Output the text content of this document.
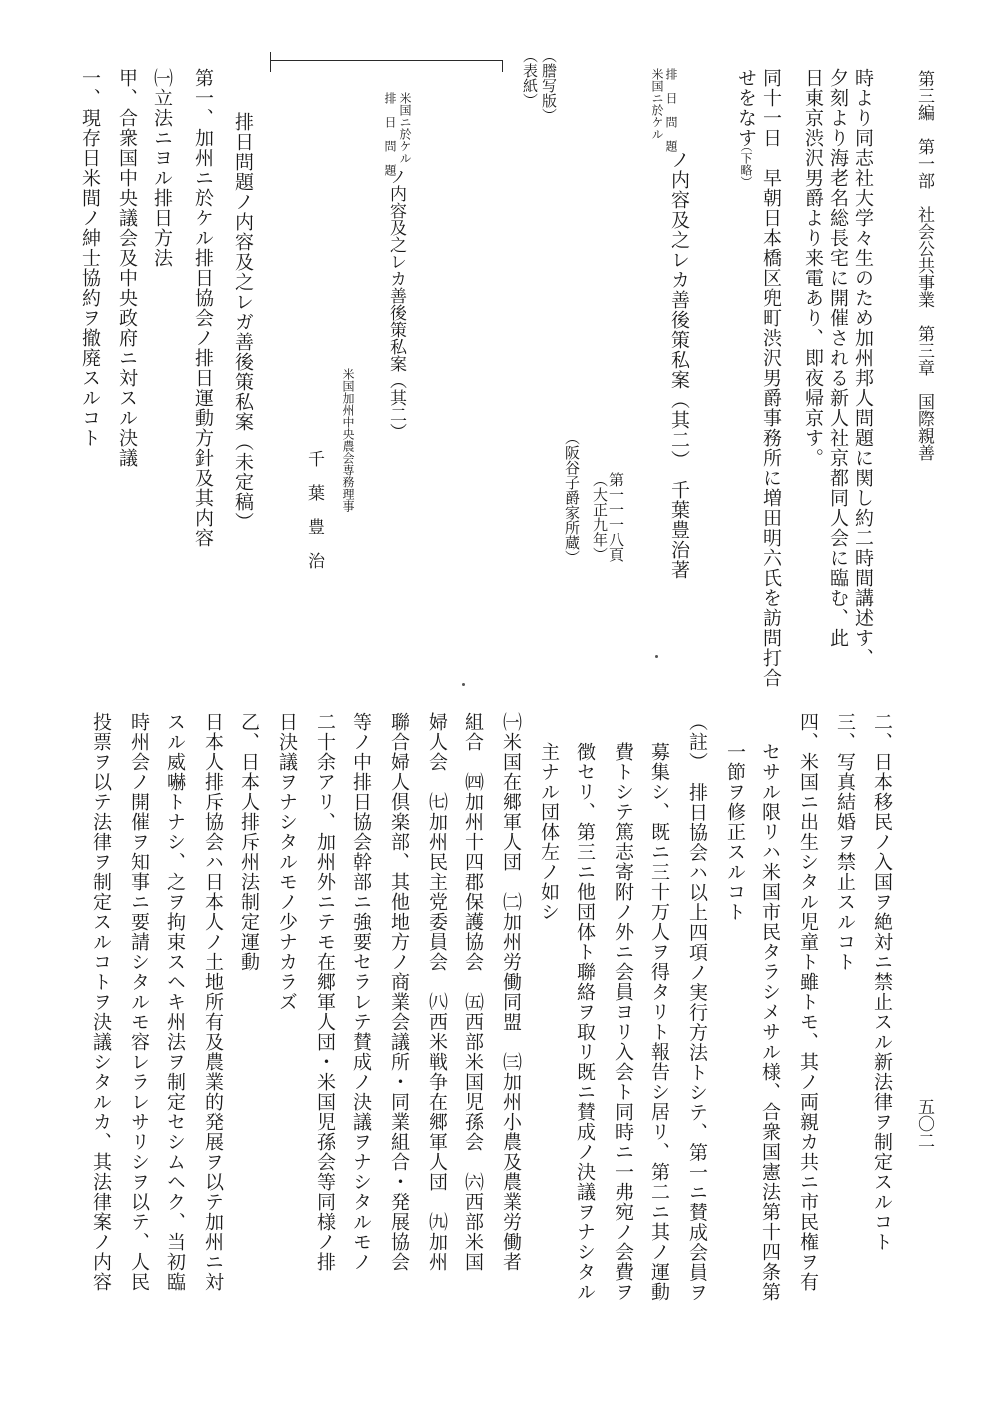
第三編　第一部　社会公共事業　第三章　国際親善
五〇二
時より同志社大学々生のため加州邦人問題に関し約二時間講述す、
夕刻より海老名総長宅に開催される新人社京都同人会に臨む、此
日東京渋沢男爵より来電あり、即夜帰京す。
同十一日　早朝日本橋区兜町渋沢男爵事務所に増田明六氏を訪問打合
せをなす
（下略）
米国ニ於ケル 排　日　問　題
ノ内容及之レカ善後策私案（其二）
千葉豊治著
第一一一八頁
（大正九年）
（阪谷子爵家所蔵）
（謄写版）
（表紙）
米国ニ於ケル
排　日　問　題
ノ内容及之レカ善後策私案（其二）
米国加州中央農会専務理事
千　葉　豊　治
排日問題ノ内容及之レガ善後策私案（未定稿）
第一、加州ニ於ケル排日協会ノ排日運動方針及其内容
㈠立法ニヨル排日方法
甲、合衆国中央議会及中央政府ニ対スル決議
一、現存日米間ノ紳士協約ヲ撤廃スルコト
二、日本移民ノ入国ヲ絶対ニ禁止スル新法律ヲ制定スルコト
三、写真結婚ヲ禁止スルコト
四、米国ニ出生シタル児童ト雖トモ、其ノ両親カ共ニ市民権ヲ有
セサル限リハ米国市民タラシメサル様、合衆国憲法第十四条第
一節ヲ修正スルコト
（註）　排日協会ハ以上四項ノ実行方法トシテ、第一ニ賛成会員ヲ
募集シ、既ニ三十万人ヲ得タリト報告シ居リ、第二ニ其ノ運動
費トシテ篤志寄附ノ外ニ会員ヨリ入会ト同時ニ一弗宛ノ会費ヲ
徴セリ、第三ニ他団体ト聯絡ヲ取リ既ニ賛成ノ決議ヲナシタル
主ナル団体左ノ如シ
㈠米国在郷軍人団　㈡加州労働同盟　㈢加州小農及農業労働者
組合　㈣加州十四郡保護協会　㈤西部米国児孫会　㈥西部米国
婦人会　㈦加州民主党委員会　㈧西米戦争在郷軍人団　㈨加州
聯合婦人倶楽部、其他地方ノ商業会議所・同業組合・発展協会
等ノ中排日協会幹部ニ強要セラレテ賛成ノ決議ヲナシタルモノ
二十余アリ、加州外ニテモ在郷軍人団・米国児孫会等同様ノ排
日決議ヲナシタルモノ少ナカラズ
乙、日本人排斥州法制定運動
日本人排斥協会ハ日本人ノ土地所有及農業的発展ヲ以テ加州ニ対
スル威嚇トナシ、之ヲ拘束スヘキ州法ヲ制定セシムヘク、当初臨
時州会ノ開催ヲ知事ニ要請シタルモ容レラレサリシヲ以テ、人民
投票ヲ以テ法律ヲ制定スルコトヲ決議シタルカ、其法律案ノ内容
